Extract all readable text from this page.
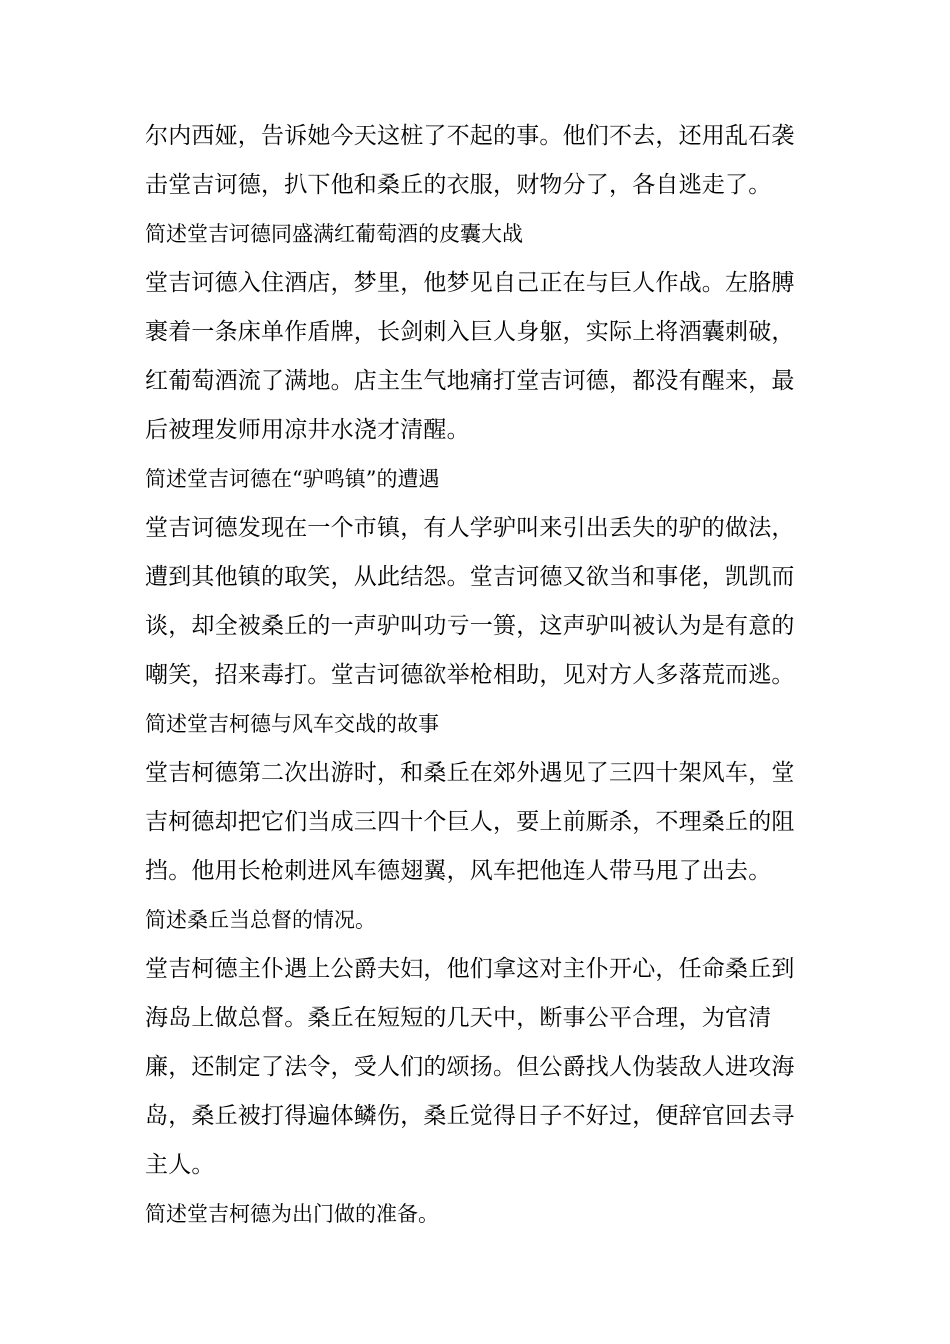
尔内西娅，告诉她今天这桩了不起的事。他们不去，还用乱石袭击堂吉诃德，扒下他和桑丘的衣服，财物分了，各自逃走了。

简述堂吉诃德同盛满红葡萄酒的皮囊大战

堂吉诃德入住酒店，梦里，他梦见自己正在与巨人作战。左胳膊裹着一条床单作盾牌，长剑刺入巨人身躯，实际上将酒囊刺破，红葡萄酒流了满地。店主生气地痛打堂吉诃德，都没有醒来，最后被理发师用凉井水浇才清醒。

简述堂吉诃德在“驴鸣镇”的遭遇

堂吉诃德发现在一个市镇，有人学驴叫来引出丢失的驴的做法，遭到其他镇的取笑，从此结怨。堂吉诃德又欲当和事佬，凯凯而谈，却全被桑丘的一声驴叫功亏一篑，这声驴叫被认为是有意的嘲笑，招来毒打。堂吉诃德欲举枪相助，见对方人多落荒而逃。

简述堂吉柯德与风车交战的故事

堂吉柯德第二次出游时，和桑丘在郊外遇见了三四十架风车，堂吉柯德却把它们当成三四十个巨人，要上前厮杀，不理桑丘的阻挡。他用长枪刺进风车德翅翼，风车把他连人带马甩了出去。

简述桑丘当总督的情况。

堂吉柯德主仆遇上公爵夫妇，他们拿这对主仆开心，任命桑丘到海岛上做总督。桑丘在短短的几天中，断事公平合理，为官清廉，还制定了法令，受人们的颂扬。但公爵找人伪装敌人进攻海岛，桑丘被打得遍体鳞伤，桑丘觉得日子不好过，便辞官回去寻主人。

简述堂吉柯德为出门做的准备。
